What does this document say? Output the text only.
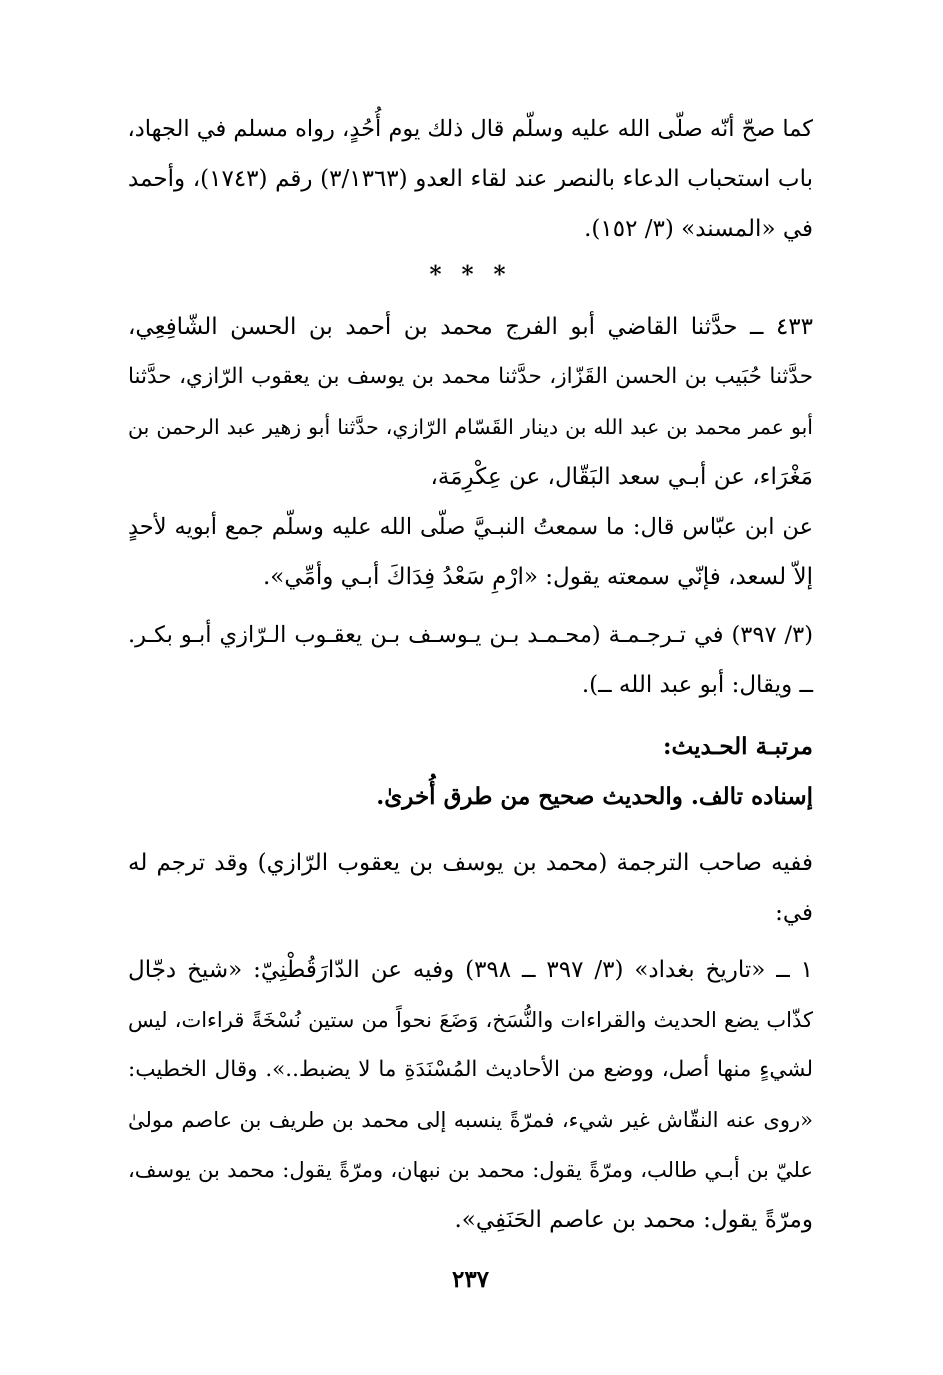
كما صحّ أنّه صلّى الله عليه وسلّم قال ذلك يوم أُحُدٍ، رواه مسلم في الجهاد،
باب استحباب الدعاء بالنصر عند لقاء العدو (٣/١٣٦٣) رقم (١٧٤٣)، وأحمد
في «المسند» (٣/ ١٥٢).
* * *
٤٣٣ ــ حدَّثنا القاضي أبو الفرج محمد بن أحمد بن الحسن الشّافِعِي،
حدَّثنا حُبَيب بن الحسن القَزّاز، حدَّثنا محمد بن يوسف بن يعقوب الرّازي، حدَّثنا
أبو عمر محمد بن عبد الله بن دينار القَسّام الرّازي، حدَّثنا أبو زهير عبد الرحمن بن
مَغْرَاء، عن أبـي سعد البَقّال، عن عِكْرِمَة،
عن ابن عبّاس قال: ما سمعتُ النبـيَّ صلّى الله عليه وسلّم جمع أبويه لأحدٍ
إلاّ لسعد، فإنّي سمعته يقول: «ارْمِ سَعْدُ فِدَاكَ أبـي وأمِّي».
(٣/ ٣٩٧) في تـرجـمـة (محـمـد بـن يـوسـف بـن يعقـوب الـرّازي أبـو بكـر.
ــ ويقال: أبو عبد الله ــ).
مرتبـة الحـديث:
إسناده تالف. والحديث صحيح من طرق أُخرىٰ.
ففيه صاحب الترجمة (محمد بن يوسف بن يعقوب الرّازي) وقد ترجم له
في:
١ ــ «تاريخ بغداد» (٣/ ٣٩٧ ــ ٣٩٨) وفيه عن الدّارَقُطْنِيّ: «شيخ دجّال
كذّاب يضع الحديث والقراءات والنُّسَخ، وَضَعَ نحواً من ستين نُسْخَةً قراءات، ليس
لشيءٍ منها أصل، ووضع من الأحاديث المُسْنَدَةِ ما لا يضبط..». وقال الخطيب:
«روى عنه النقّاش غير شيء، فمرّةً ينسبه إلى محمد بن طريف بن عاصم مولىٰ
عليّ بن أبـي طالب، ومرّةً يقول: محمد بن نبهان، ومرّةً يقول: محمد بن يوسف،
ومرّةً يقول: محمد بن عاصم الحَنَفِي».
٢٣٧
